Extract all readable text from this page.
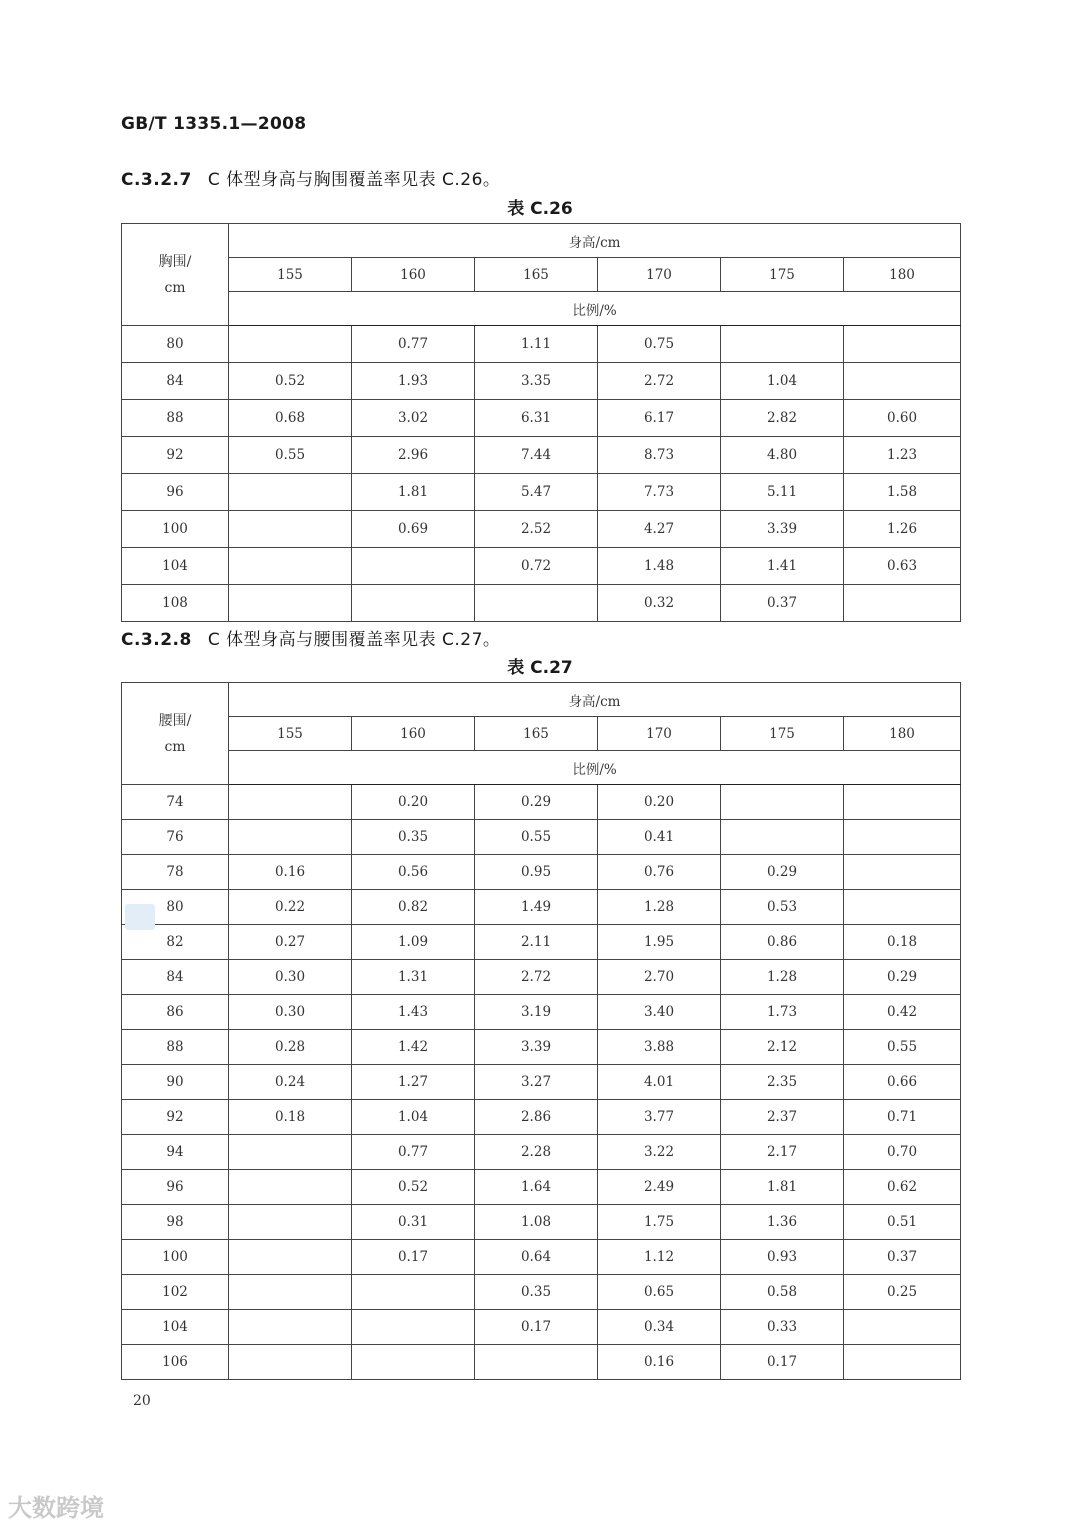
GB/T 1335.1—2008
C.3.2.7 C 体型身高与胸围覆盖率见表 C.26。
表 C.26
胸围/
cm	身高/cm					
	155	160	165	170	175	180
	比例/%					
80		0.77	1.11	0.75		
84	0.52	1.93	3.35	2.72	1.04	
88	0.68	3.02	6.31	6.17	2.82	0.60
92	0.55	2.96	7.44	8.73	4.80	1.23
96		1.81	5.47	7.73	5.11	1.58
100		0.69	2.52	4.27	3.39	1.26
104			0.72	1.48	1.41	0.63
108				0.32	0.37	
C.3.2.8 C 体型身高与腰围覆盖率见表 C.27。
表 C.27
腰围/
cm	身高/cm					
	155	160	165	170	175	180
	比例/%					
74		0.20	0.29	0.20		
76		0.35	0.55	0.41		
78	0.16	0.56	0.95	0.76	0.29	
80	0.22	0.82	1.49	1.28	0.53	
82	0.27	1.09	2.11	1.95	0.86	0.18
84	0.30	1.31	2.72	2.70	1.28	0.29
86	0.30	1.43	3.19	3.40	1.73	0.42
88	0.28	1.42	3.39	3.88	2.12	0.55
90	0.24	1.27	3.27	4.01	2.35	0.66
92	0.18	1.04	2.86	3.77	2.37	0.71
94		0.77	2.28	3.22	2.17	0.70
96		0.52	1.64	2.49	1.81	0.62
98		0.31	1.08	1.75	1.36	0.51
100		0.17	0.64	1.12	0.93	0.37
102			0.35	0.65	0.58	0.25
104			0.17	0.34	0.33	
106				0.16	0.17	
20
大数跨境
